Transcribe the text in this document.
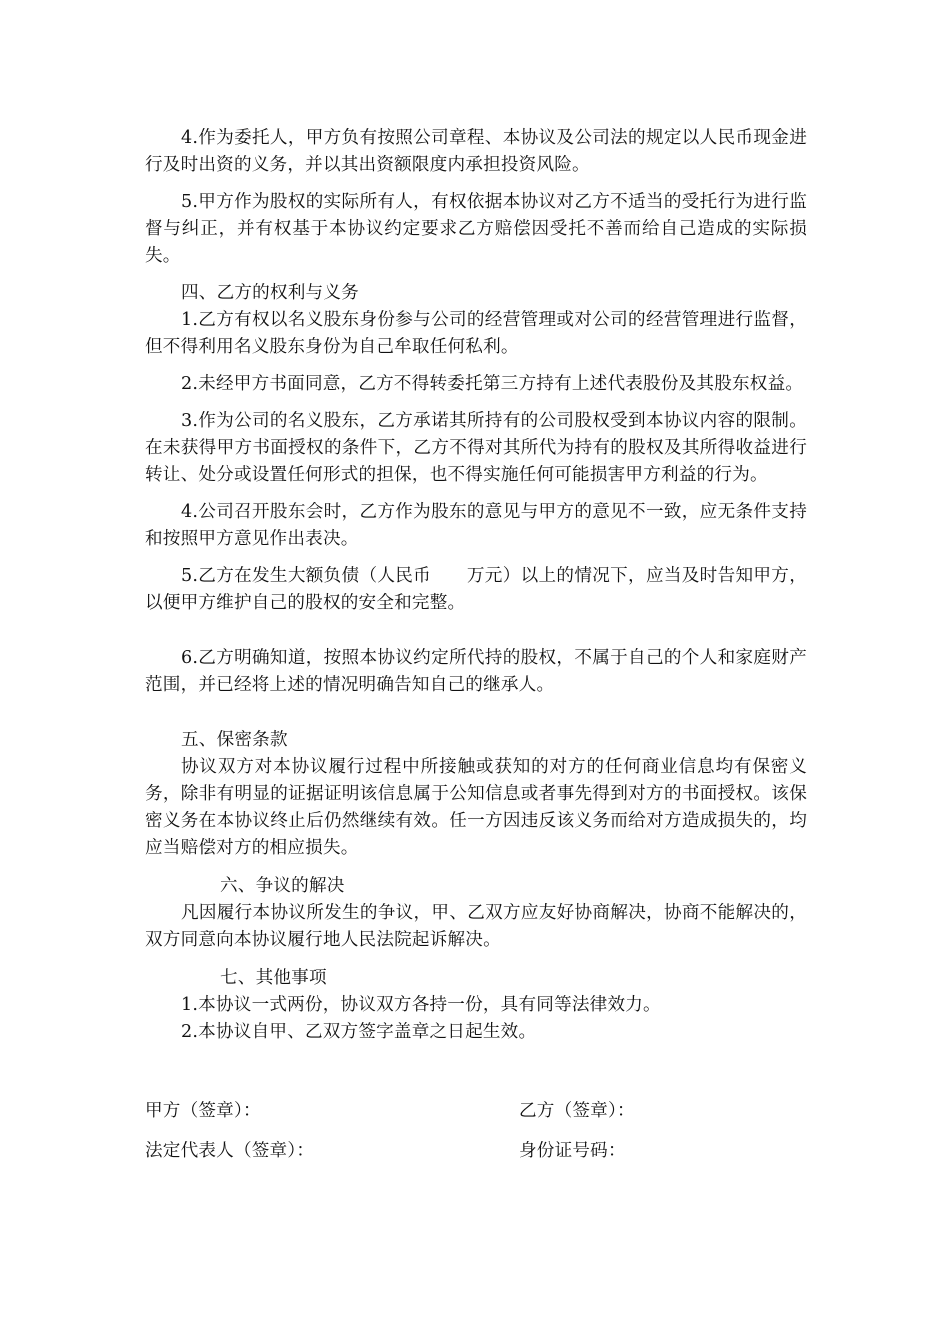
4.作为委托人，甲方负有按照公司章程、本协议及公司法的规定以人民币现金进行及时出资的义务，并以其出资额限度内承担投资风险。

5.甲方作为股权的实际所有人，有权依据本协议对乙方不适当的受托行为进行监督与纠正，并有权基于本协议约定要求乙方赔偿因受托不善而给自己造成的实际损失。

四、乙方的权利与义务

1.乙方有权以名义股东身份参与公司的经营管理或对公司的经营管理进行监督，但不得利用名义股东身份为自己牟取任何私利。

2.未经甲方书面同意，乙方不得转委托第三方持有上述代表股份及其股东权益。

3.作为公司的名义股东，乙方承诺其所持有的公司股权受到本协议内容的限制。在未获得甲方书面授权的条件下，乙方不得对其所代为持有的股权及其所得收益进行转让、处分或设置任何形式的担保，也不得实施任何可能损害甲方利益的行为。

4.公司召开股东会时，乙方作为股东的意见与甲方的意见不一致，应无条件支持和按照甲方意见作出表决。

5.乙方在发生大额负债（人民币　　万元）以上的情况下，应当及时告知甲方，以便甲方维护自己的股权的安全和完整。

6.乙方明确知道，按照本协议约定所代持的股权，不属于自己的个人和家庭财产范围，并已经将上述的情况明确告知自己的继承人。

五、保密条款

协议双方对本协议履行过程中所接触或获知的对方的任何商业信息均有保密义务，除非有明显的证据证明该信息属于公知信息或者事先得到对方的书面授权。该保密义务在本协议终止后仍然继续有效。任一方因违反该义务而给对方造成损失的，均应当赔偿对方的相应损失。

六、争议的解决

凡因履行本协议所发生的争议，甲、乙双方应友好协商解决，协商不能解决的，双方同意向本协议履行地人民法院起诉解决。

七、其他事项

1.本协议一式两份，协议双方各持一份，具有同等法律效力。

2.本协议自甲、乙双方签字盖章之日起生效。

甲方（签章）：	乙方（签章）：
法定代表人（签章）：	身份证号码：
